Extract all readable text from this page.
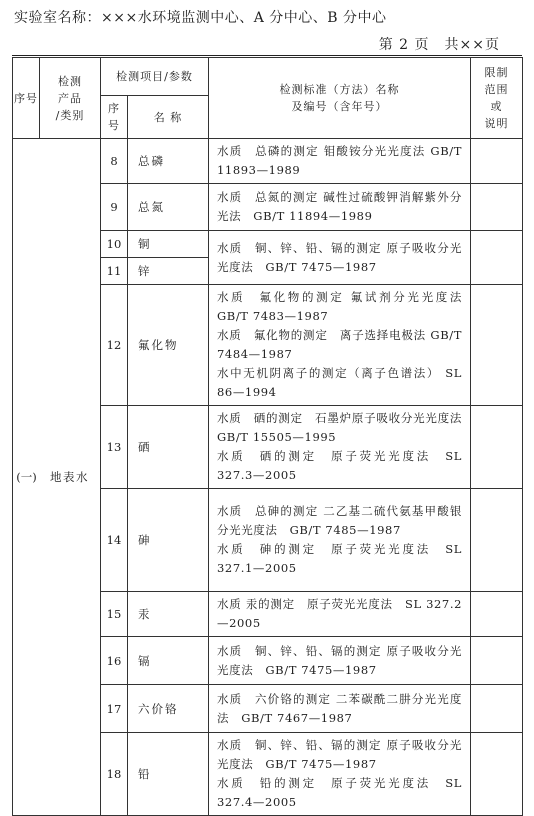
实验室名称：×××水环境监测中心、A 分中心、B 分中心
第 2 页　共××页
序号	检测
产品
/类别	检测项目/参数		检测标准（方法）名称
及编号（含年号）	限制
范围
或
说明
		序
号	名 称		

(一) 地表水		8	总磷	水质　总磷的测定 钼酸铵分光光度法 GB/T 11893—1989	
		9	总氮	水质　总氮的测定 碱性过硫酸钾消解紫外分光法　GB/T 11894—1989	
		10	铜	水质　铜、锌、铅、镉的测定 原子吸收分光光度法　GB/T 7475—1987	
		11	锌		
		12	氟化物	水质　氟化物的测定 氟试剂分光光度法 GB/T 7483—1987
水质　氟化物的测定　离子选择电极法 GB/T 7484—1987
水中无机阴离子的测定（离子色谱法） SL 86—1994	
		13	硒	水质　硒的测定　石墨炉原子吸收分光光度法　GB/T 15505—1995
水质　硒的测定　原子荧光光度法　SL 327.3—2005	
		14	砷	水质　总砷的测定 二乙基二硫代氨基甲酸银分光光度法　GB/T 7485—1987
水质　砷的测定　原子荧光光度法　SL 327.1—2005	
		15	汞	水质 汞的测定　原子荧光光度法　SL 327.2—2005	
		16	镉	水质　铜、锌、铅、镉的测定 原子吸收分光光度法　GB/T 7475—1987	
		17	六价铬	水质　六价铬的测定 二苯碳酰二肼分光光度法　GB/T 7467—1987	
		18	铅	水质　铜、锌、铅、镉的测定 原子吸收分光光度法　GB/T 7475—1987
水质　铅的测定　原子荧光光度法　SL 327.4—2005	
